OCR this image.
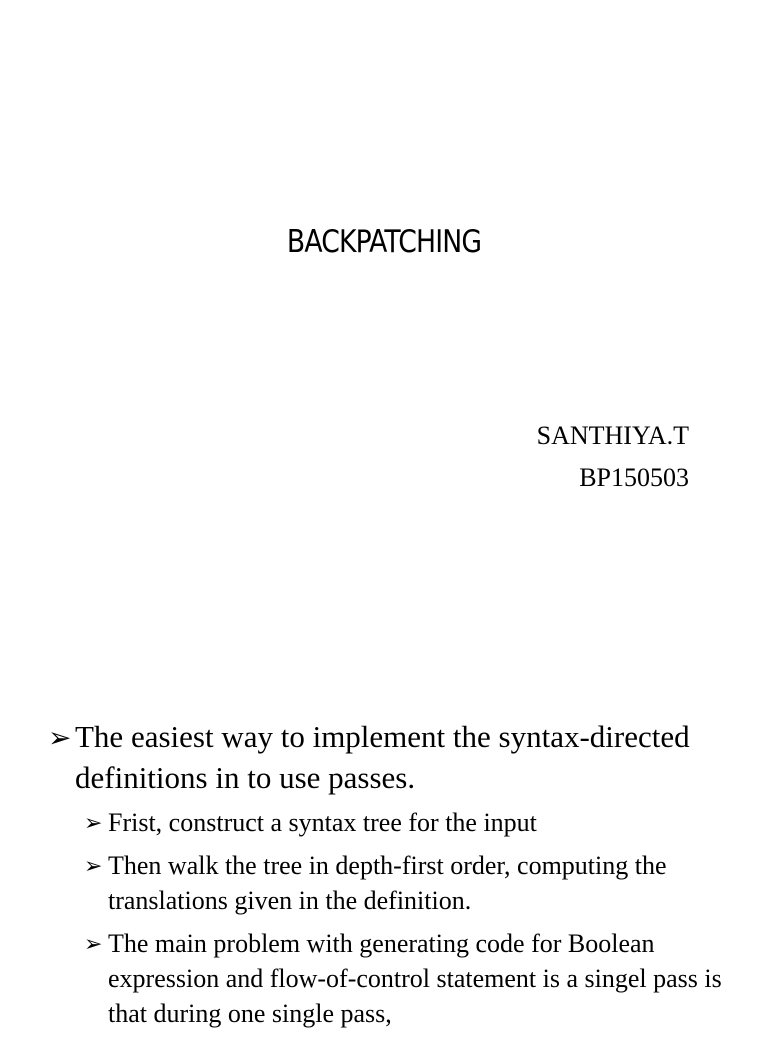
BACKPATCHING
SANTHIYA.T
BP150503
➢ The easiest way to implement the syntax-directed definitions in to use passes.
➢ Frist, construct a syntax tree for the input
➢ Then walk the tree in depth-first order, computing the translations given in the definition.
➢ The main problem with generating code for Boolean expression and flow-of-control statement is a singel pass is that during one single pass,
